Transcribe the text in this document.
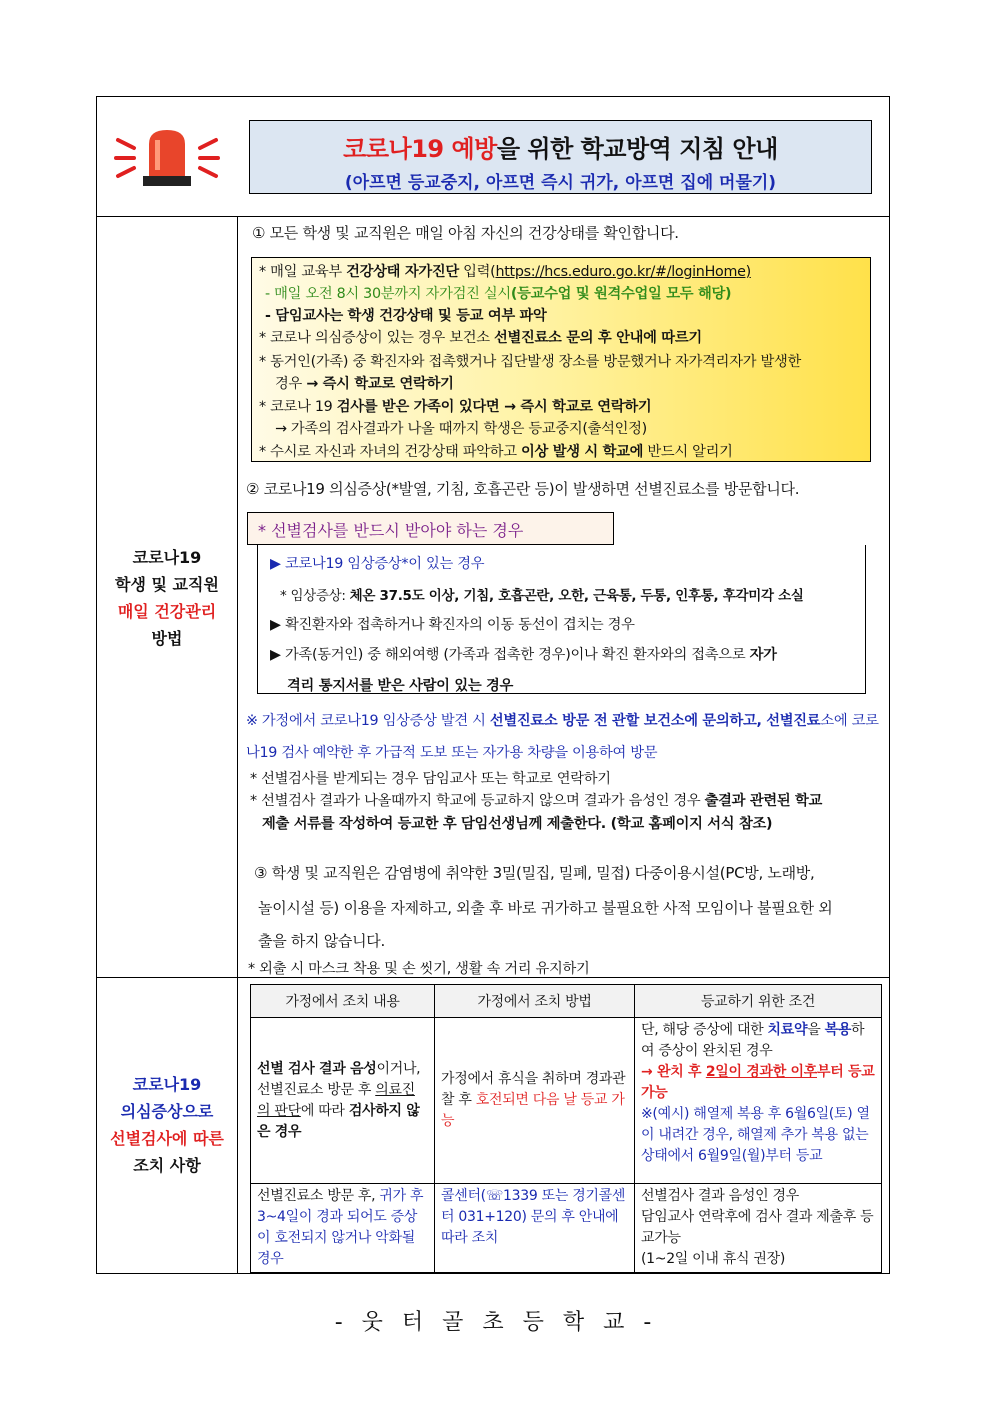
코로나19 예방을 위한 학교방역 지침 안내
(아프면 등교중지, 아프면 즉시 귀가, 아프면 집에 머물기)
코로나19
학생 및 교직원
매일 건강관리
방법
① 모든 학생 및 교직원은 매일 아침 자신의 건강상태를 확인합니다.
* 매일 교육부 건강상태 자가진단 입력(https://hcs.eduro.go.kr/#/loginHome)
- 매일 오전 8시 30분까지 자가검진 실시(등교수업 및 원격수업일 모두 해당)
- 담임교사는 학생 건강상태 및 등교 여부 파악
* 코로나 의심증상이 있는 경우 보건소 선별진료소 문의 후 안내에 따르기
* 동거인(가족) 중 확진자와 접촉했거나 집단발생 장소를 방문했거나 자가격리자가 발생한
경우 → 즉시 학교로 연락하기
* 코로나 19 검사를 받은 가족이 있다면 → 즉시 학교로 연락하기
→ 가족의 검사결과가 나올 때까지 학생은 등교중지(출석인정)
* 수시로 자신과 자녀의 건강상태 파악하고 이상 발생 시 학교에 반드시 알리기
② 코로나19 의심증상(*발열, 기침, 호흡곤란 등)이 발생하면 선별진료소를 방문합니다.
* 선별검사를 반드시 받아야 하는 경우
▶ 코로나19 임상증상*이 있는 경우
* 임상증상: 체온 37.5도 이상, 기침, 호흡곤란, 오한, 근육통, 두통, 인후통, 후각미각 소실
▶ 확진환자와 접촉하거나 확진자의 이동 동선이 겹치는 경우
▶ 가족(동거인) 중 해외여행 (가족과 접촉한 경우)이나 확진 환자와의 접촉으로 자가
격리 통지서를 받은 사람이 있는 경우
※ 가정에서 코로나19 임상증상 발견 시 선별진료소 방문 전 관할 보건소에 문의하고, 선별진료소에 코로
나19 검사 예약한 후 가급적 도보 또는 자가용 차량을 이용하여 방문
* 선별검사를 받게되는 경우 담임교사 또는 학교로 연락하기
* 선별검사 결과가 나올때까지 학교에 등교하지 않으며 결과가 음성인 경우 출결과 관련된 학교
제출 서류를 작성하여 등교한 후 담임선생님께 제출한다. (학교 홈페이지 서식 참조)
③ 학생 및 교직원은 감염병에 취약한 3밀(밀집, 밀폐, 밀접) 다중이용시설(PC방, 노래방,
놀이시설 등) 이용을 자제하고, 외출 후 바로 귀가하고 불필요한 사적 모임이나 불필요한 외
출을 하지 않습니다.
* 외출 시 마스크 착용 및 손 씻기, 생활 속 거리 유지하기
코로나19
의심증상으로
선별검사에 따른
조치 사항
가정에서 조치 내용	가정에서 조치 방법	등교하기 위한 조건
선별 검사 결과 음성이거나, 선별진료소 방문 후 의료진의 판단에 따라 검사하지 않은 경우	가정에서 휴식을 취하며 경과관찰 후 호전되면 다음 날 등교 가능	단, 해당 증상에 대한 치료약을 복용하여 증상이 완치된 경우
→ 완치 후 2일이 경과한 이후부터 등교 가능
※(예시) 해열제 복용 후 6월6일(토) 열이 내려간 경우, 해열제 추가 복용 없는 상태에서 6월9일(월)부터 등교
선별진료소 방문 후, 귀가 후 3~4일이 경과 되어도 증상이 호전되지 않거나 악화될 경우	콜센터(☏1339 또는 경기콜센터 031+120) 문의 후 안내에 따라 조치	선별검사 결과 음성인 경우
담임교사 연락후에 검사 결과 제출후 등교가능
(1~2일 이내 휴식 권장)
- 웃 터 골 초 등 학 교 -
